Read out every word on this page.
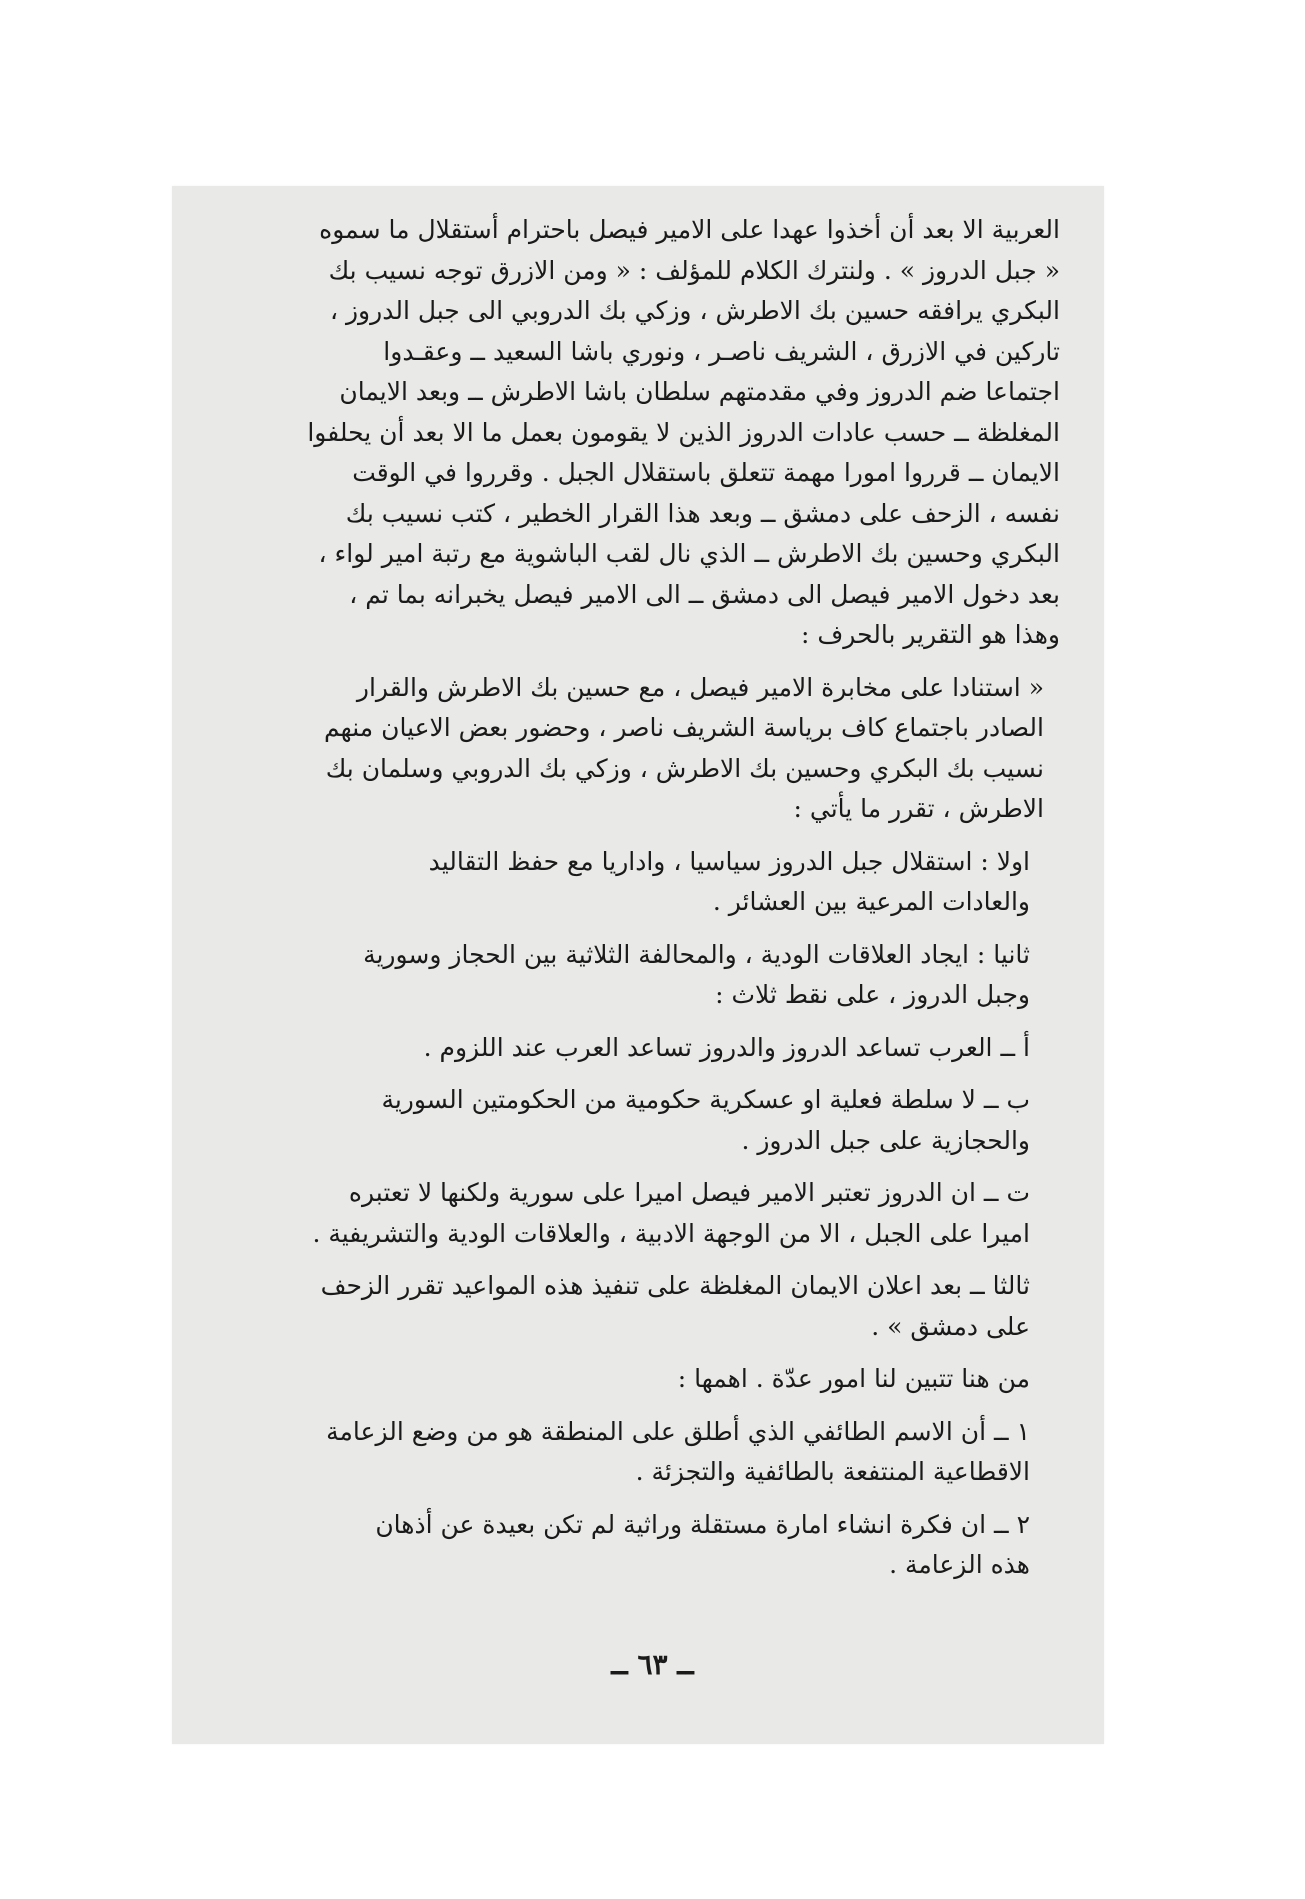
العربية الا بعد أن أخذوا عهدا على الامير فيصل باحترام أستقلال ما سموه
« جبل الدروز » . ولنترك الكلام للمؤلف : « ومن الازرق توجه نسيب بك
البكري يرافقه حسين بك الاطرش ، وزكي بك الدروبي الى جبل الدروز ،
تاركين في الازرق ، الشريف ناصـر ، ونوري باشا السعيد ــ وعقـدوا
اجتماعا ضم الدروز وفي مقدمتهم سلطان باشا الاطرش ــ وبعد الايمان
المغلظة ــ حسب عادات الدروز الذين لا يقومون بعمل ما الا بعد أن يحلفوا
الايمان ــ قرروا امورا مهمة تتعلق باستقلال الجبل . وقرروا في الوقت
نفسه ، الزحف على دمشق ــ وبعد هذا القرار الخطير ، كتب نسيب بك
البكري وحسين بك الاطرش ــ الذي نال لقب الباشوية مع رتبة امير لواء ،
بعد دخول الامير فيصل الى دمشق ــ الى الامير فيصل يخبرانه بما تم ،
وهذا هو التقرير بالحرف :
« استنادا على مخابرة الامير فيصل ، مع حسين بك الاطرش والقرار
الصادر باجتماع كاف برياسة الشريف ناصر ، وحضور بعض الاعيان منهم
نسيب بك البكري وحسين بك الاطرش ، وزكي بك الدروبي وسلمان بك
الاطرش ، تقرر ما يأتي :
اولا : استقلال جبل الدروز سياسيا ، واداريا مع حفظ التقاليد
والعادات المرعية بين العشائر .
ثانيا : ايجاد العلاقات الودية ، والمحالفة الثلاثية بين الحجاز وسورية
وجبل الدروز ، على نقط ثلاث :
أ ــ العرب تساعد الدروز والدروز تساعد العرب عند اللزوم .
ب ــ لا سلطة فعلية او عسكرية حكومية من الحكومتين السورية
والحجازية على جبل الدروز .
ت ــ ان الدروز تعتبر الامير فيصل اميرا على سورية ولكنها لا تعتبره
اميرا على الجبل ، الا من الوجهة الادبية ، والعلاقات الودية والتشريفية .
ثالثا ــ بعد اعلان الايمان المغلظة على تنفيذ هذه المواعيد تقرر الزحف
على دمشق » .
من هنا تتبين لنا امور عدّة . اهمها :
١ ــ أن الاسم الطائفي الذي أطلق على المنطقة هو من وضع الزعامة
الاقطاعية المنتفعة بالطائفية والتجزئة .
٢ ــ ان فكرة انشاء امارة مستقلة وراثية لم تكن بعيدة عن أذهان
هذه الزعامة .
ــ ٦٣ ــ
